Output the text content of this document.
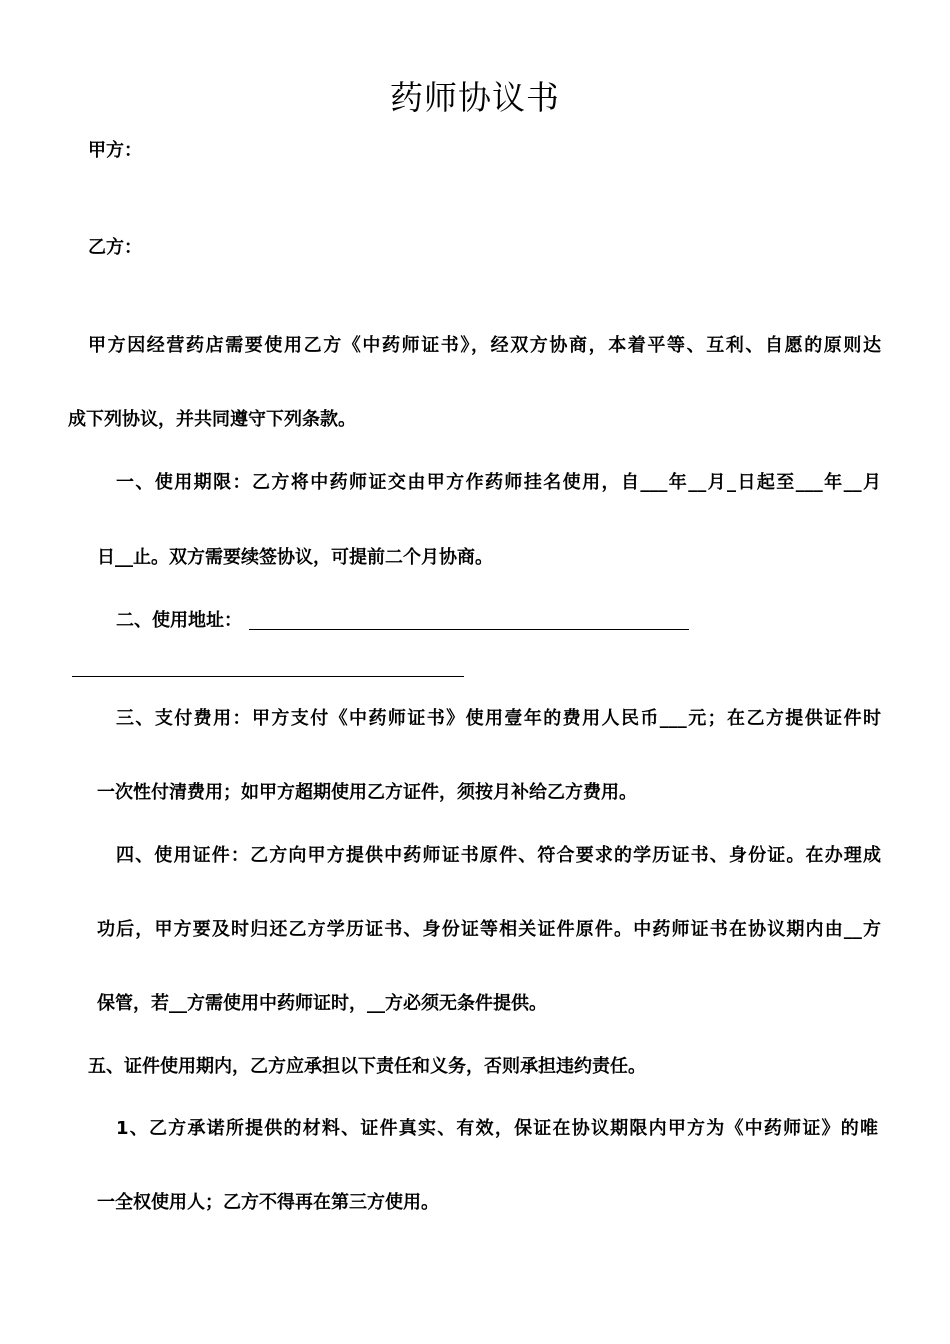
药师协议书
甲方：
乙方：
甲方因经营药店需要使用乙方《中药师证书》，经双方协商，本着平等、互利、自愿的原则达
成下列协议，并共同遵守下列条款。
一、使用期限：乙方将中药师证交由甲方作药师挂名使用，自___年__月_日起至___年__月
日__止。双方需要续签协议，可提前二个月协商。
二、使用地址：
三、支付费用：甲方支付《中药师证书》使用壹年的费用人民币___元；在乙方提供证件时
一次性付清费用；如甲方超期使用乙方证件，须按月补给乙方费用。
四、使用证件：乙方向甲方提供中药师证书原件、符合要求的学历证书、身份证。在办理成
功后，甲方要及时归还乙方学历证书、身份证等相关证件原件。中药师证书在协议期内由__方
保管，若__方需使用中药师证时，__方必须无条件提供。
五、证件使用期内，乙方应承担以下责任和义务，否则承担违约责任。
1、乙方承诺所提供的材料、证件真实、有效，保证在协议期限内甲方为《中药师证》的唯
一全权使用人；乙方不得再在第三方使用。
